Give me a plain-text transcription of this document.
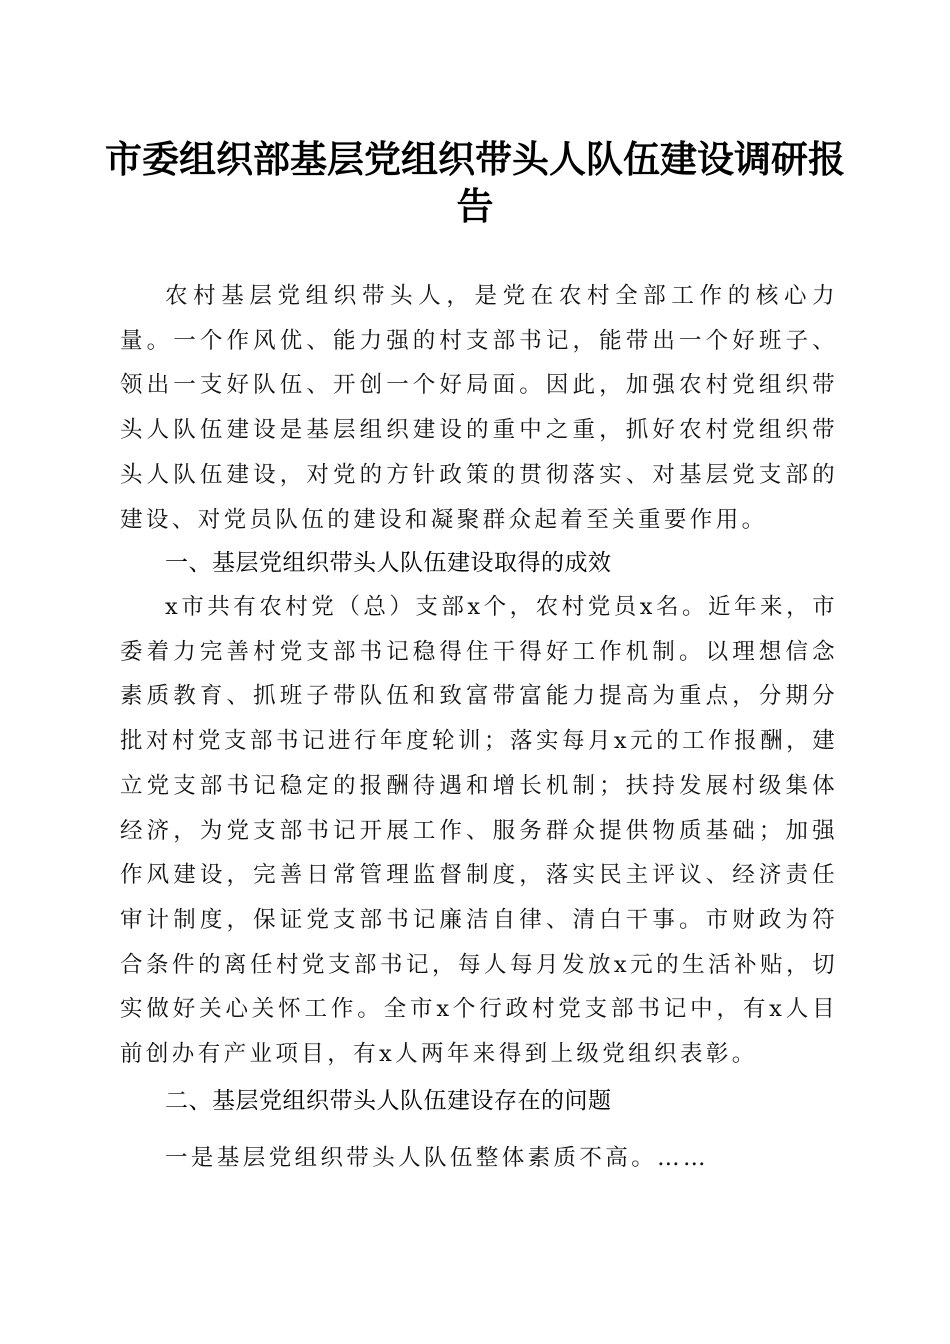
市委组织部基层党组织带头人队伍建设调研报告
农村基层党组织带头人，是党在农村全部工作的核心力量。一个作风优、能力强的村支部书记，能带出一个好班子、领出一支好队伍、开创一个好局面。因此，加强农村党组织带头人队伍建设是基层组织建设的重中之重，抓好农村党组织带头人队伍建设，对党的方针政策的贯彻落实、对基层党支部的建设、对党员队伍的建设和凝聚群众起着至关重要作用。
一、基层党组织带头人队伍建设取得的成效
x市共有农村党（总）支部x个，农村党员x名。近年来，市委着力完善村党支部书记稳得住干得好工作机制。以理想信念素质教育、抓班子带队伍和致富带富能力提高为重点，分期分批对村党支部书记进行年度轮训；落实每月x元的工作报酬，建立党支部书记稳定的报酬待遇和增长机制；扶持发展村级集体经济，为党支部书记开展工作、服务群众提供物质基础；加强作风建设，完善日常管理监督制度，落实民主评议、经济责任审计制度，保证党支部书记廉洁自律、清白干事。市财政为符合条件的离任村党支部书记，每人每月发放x元的生活补贴，切实做好关心关怀工作。全市x个行政村党支部书记中，有x人目前创办有产业项目，有x人两年来得到上级党组织表彰。
二、基层党组织带头人队伍建设存在的问题
一是基层党组织带头人队伍整体素质不高。……
